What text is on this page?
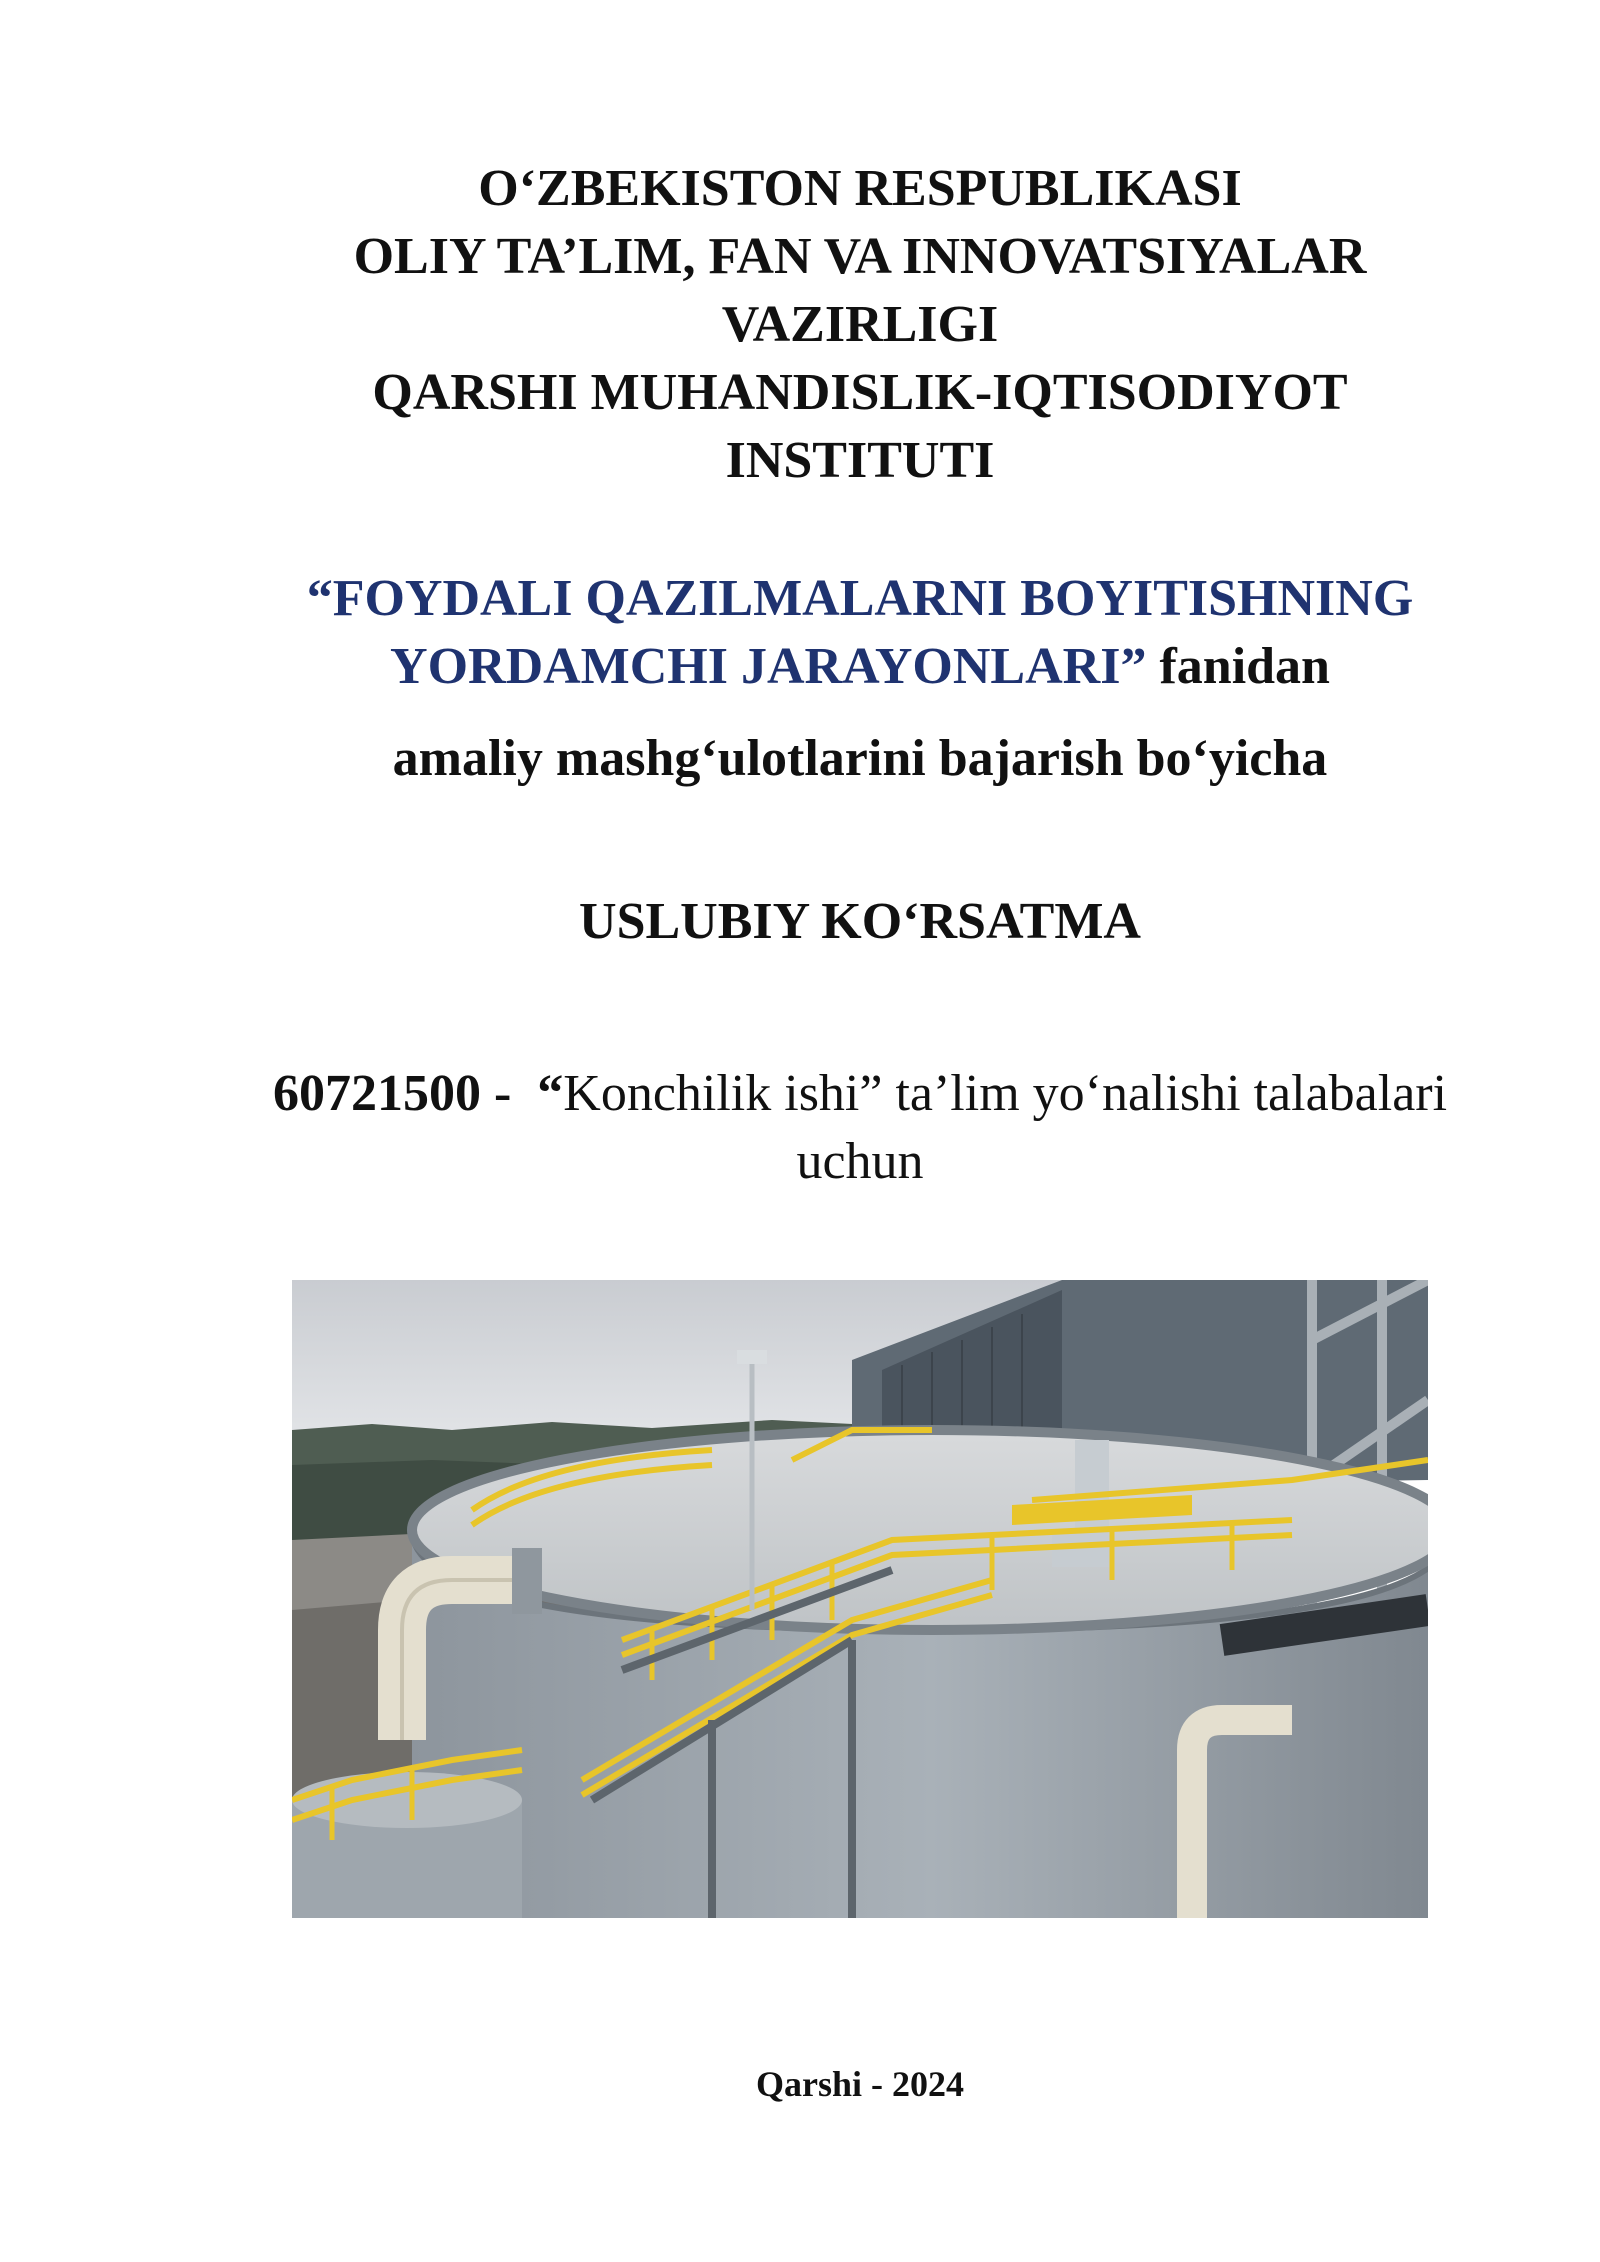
O‘ZBEKISTON RESPUBLIKASI
OLIY TA’LIM, FAN VA INNOVATSIYALAR
VAZIRLIGI
QARSHI MUHANDISLIK-IQTISODIYOT
INSTITUTI
“FOYDALI QAZILMALARNI BOYITISHNING
YORDAMCHI JARAYONLARI” fanidan
amaliy mashg‘ulotlarini bajarish bo‘yicha
USLUBIY KO‘RSATMA
60721500 - “Konchilik ishi” ta’lim yo‘nalishi talabalari
uchun
Qarshi - 2024
